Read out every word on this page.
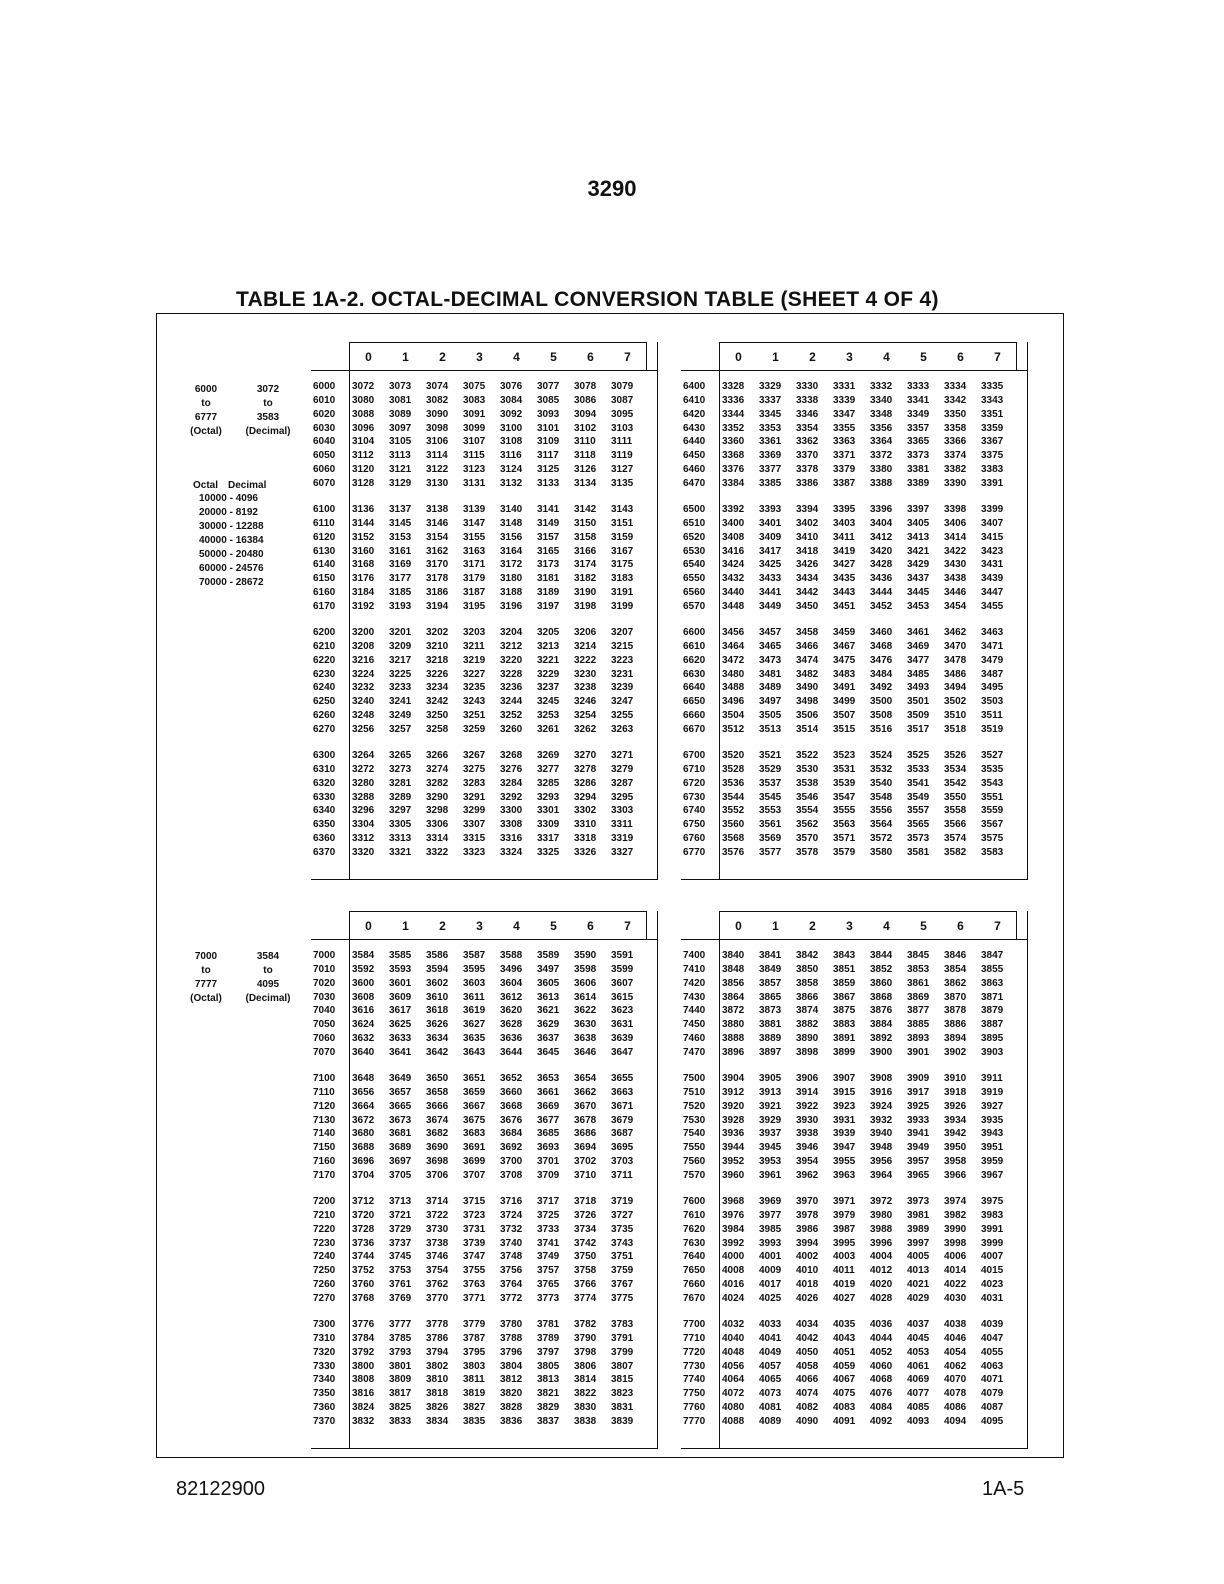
3290
TABLE 1A-2. OCTAL-DECIMAL CONVERSION TABLE (SHEET 4 OF 4)
6000	3072
to	to
6777	3583
(Octal)	(Decimal)
Octal Decimal
10000 - 4096
20000 - 8192
30000 - 12288
40000 - 16384
50000 - 20480
60000 - 24576
70000 - 28672
7000	3584
to	to
7777	4095
(Octal)	(Decimal)
0	1	2	3	4	5	6	7
6000	3072	3073	3074	3075	3076	3077	3078	3079
6010	3080	3081	3082	3083	3084	3085	3086	3087
6020	3088	3089	3090	3091	3092	3093	3094	3095
6030	3096	3097	3098	3099	3100	3101	3102	3103
6040	3104	3105	3106	3107	3108	3109	3110	3111
6050	3112	3113	3114	3115	3116	3117	3118	3119
6060	3120	3121	3122	3123	3124	3125	3126	3127
6070	3128	3129	3130	3131	3132	3133	3134	3135
6100	3136	3137	3138	3139	3140	3141	3142	3143
6110	3144	3145	3146	3147	3148	3149	3150	3151
6120	3152	3153	3154	3155	3156	3157	3158	3159
6130	3160	3161	3162	3163	3164	3165	3166	3167
6140	3168	3169	3170	3171	3172	3173	3174	3175
6150	3176	3177	3178	3179	3180	3181	3182	3183
6160	3184	3185	3186	3187	3188	3189	3190	3191
6170	3192	3193	3194	3195	3196	3197	3198	3199
6200	3200	3201	3202	3203	3204	3205	3206	3207
6210	3208	3209	3210	3211	3212	3213	3214	3215
6220	3216	3217	3218	3219	3220	3221	3222	3223
6230	3224	3225	3226	3227	3228	3229	3230	3231
6240	3232	3233	3234	3235	3236	3237	3238	3239
6250	3240	3241	3242	3243	3244	3245	3246	3247
6260	3248	3249	3250	3251	3252	3253	3254	3255
6270	3256	3257	3258	3259	3260	3261	3262	3263
6300	3264	3265	3266	3267	3268	3269	3270	3271
6310	3272	3273	3274	3275	3276	3277	3278	3279
6320	3280	3281	3282	3283	3284	3285	3286	3287
6330	3288	3289	3290	3291	3292	3293	3294	3295
6340	3296	3297	3298	3299	3300	3301	3302	3303
6350	3304	3305	3306	3307	3308	3309	3310	3311
6360	3312	3313	3314	3315	3316	3317	3318	3319
6370	3320	3321	3322	3323	3324	3325	3326	3327
0	1	2	3	4	5	6	7
6400	3328	3329	3330	3331	3332	3333	3334	3335
6410	3336	3337	3338	3339	3340	3341	3342	3343
6420	3344	3345	3346	3347	3348	3349	3350	3351
6430	3352	3353	3354	3355	3356	3357	3358	3359
6440	3360	3361	3362	3363	3364	3365	3366	3367
6450	3368	3369	3370	3371	3372	3373	3374	3375
6460	3376	3377	3378	3379	3380	3381	3382	3383
6470	3384	3385	3386	3387	3388	3389	3390	3391
6500	3392	3393	3394	3395	3396	3397	3398	3399
6510	3400	3401	3402	3403	3404	3405	3406	3407
6520	3408	3409	3410	3411	3412	3413	3414	3415
6530	3416	3417	3418	3419	3420	3421	3422	3423
6540	3424	3425	3426	3427	3428	3429	3430	3431
6550	3432	3433	3434	3435	3436	3437	3438	3439
6560	3440	3441	3442	3443	3444	3445	3446	3447
6570	3448	3449	3450	3451	3452	3453	3454	3455
6600	3456	3457	3458	3459	3460	3461	3462	3463
6610	3464	3465	3466	3467	3468	3469	3470	3471
6620	3472	3473	3474	3475	3476	3477	3478	3479
6630	3480	3481	3482	3483	3484	3485	3486	3487
6640	3488	3489	3490	3491	3492	3493	3494	3495
6650	3496	3497	3498	3499	3500	3501	3502	3503
6660	3504	3505	3506	3507	3508	3509	3510	3511
6670	3512	3513	3514	3515	3516	3517	3518	3519
6700	3520	3521	3522	3523	3524	3525	3526	3527
6710	3528	3529	3530	3531	3532	3533	3534	3535
6720	3536	3537	3538	3539	3540	3541	3542	3543
6730	3544	3545	3546	3547	3548	3549	3550	3551
6740	3552	3553	3554	3555	3556	3557	3558	3559
6750	3560	3561	3562	3563	3564	3565	3566	3567
6760	3568	3569	3570	3571	3572	3573	3574	3575
6770	3576	3577	3578	3579	3580	3581	3582	3583
0	1	2	3	4	5	6	7
7000	3584	3585	3586	3587	3588	3589	3590	3591
7010	3592	3593	3594	3595	3496	3497	3598	3599
7020	3600	3601	3602	3603	3604	3605	3606	3607
7030	3608	3609	3610	3611	3612	3613	3614	3615
7040	3616	3617	3618	3619	3620	3621	3622	3623
7050	3624	3625	3626	3627	3628	3629	3630	3631
7060	3632	3633	3634	3635	3636	3637	3638	3639
7070	3640	3641	3642	3643	3644	3645	3646	3647
7100	3648	3649	3650	3651	3652	3653	3654	3655
7110	3656	3657	3658	3659	3660	3661	3662	3663
7120	3664	3665	3666	3667	3668	3669	3670	3671
7130	3672	3673	3674	3675	3676	3677	3678	3679
7140	3680	3681	3682	3683	3684	3685	3686	3687
7150	3688	3689	3690	3691	3692	3693	3694	3695
7160	3696	3697	3698	3699	3700	3701	3702	3703
7170	3704	3705	3706	3707	3708	3709	3710	3711
7200	3712	3713	3714	3715	3716	3717	3718	3719
7210	3720	3721	3722	3723	3724	3725	3726	3727
7220	3728	3729	3730	3731	3732	3733	3734	3735
7230	3736	3737	3738	3739	3740	3741	3742	3743
7240	3744	3745	3746	3747	3748	3749	3750	3751
7250	3752	3753	3754	3755	3756	3757	3758	3759
7260	3760	3761	3762	3763	3764	3765	3766	3767
7270	3768	3769	3770	3771	3772	3773	3774	3775
7300	3776	3777	3778	3779	3780	3781	3782	3783
7310	3784	3785	3786	3787	3788	3789	3790	3791
7320	3792	3793	3794	3795	3796	3797	3798	3799
7330	3800	3801	3802	3803	3804	3805	3806	3807
7340	3808	3809	3810	3811	3812	3813	3814	3815
7350	3816	3817	3818	3819	3820	3821	3822	3823
7360	3824	3825	3826	3827	3828	3829	3830	3831
7370	3832	3833	3834	3835	3836	3837	3838	3839
0	1	2	3	4	5	6	7
7400	3840	3841	3842	3843	3844	3845	3846	3847
7410	3848	3849	3850	3851	3852	3853	3854	3855
7420	3856	3857	3858	3859	3860	3861	3862	3863
7430	3864	3865	3866	3867	3868	3869	3870	3871
7440	3872	3873	3874	3875	3876	3877	3878	3879
7450	3880	3881	3882	3883	3884	3885	3886	3887
7460	3888	3889	3890	3891	3892	3893	3894	3895
7470	3896	3897	3898	3899	3900	3901	3902	3903
7500	3904	3905	3906	3907	3908	3909	3910	3911
7510	3912	3913	3914	3915	3916	3917	3918	3919
7520	3920	3921	3922	3923	3924	3925	3926	3927
7530	3928	3929	3930	3931	3932	3933	3934	3935
7540	3936	3937	3938	3939	3940	3941	3942	3943
7550	3944	3945	3946	3947	3948	3949	3950	3951
7560	3952	3953	3954	3955	3956	3957	3958	3959
7570	3960	3961	3962	3963	3964	3965	3966	3967
7600	3968	3969	3970	3971	3972	3973	3974	3975
7610	3976	3977	3978	3979	3980	3981	3982	3983
7620	3984	3985	3986	3987	3988	3989	3990	3991
7630	3992	3993	3994	3995	3996	3997	3998	3999
7640	4000	4001	4002	4003	4004	4005	4006	4007
7650	4008	4009	4010	4011	4012	4013	4014	4015
7660	4016	4017	4018	4019	4020	4021	4022	4023
7670	4024	4025	4026	4027	4028	4029	4030	4031
7700	4032	4033	4034	4035	4036	4037	4038	4039
7710	4040	4041	4042	4043	4044	4045	4046	4047
7720	4048	4049	4050	4051	4052	4053	4054	4055
7730	4056	4057	4058	4059	4060	4061	4062	4063
7740	4064	4065	4066	4067	4068	4069	4070	4071
7750	4072	4073	4074	4075	4076	4077	4078	4079
7760	4080	4081	4082	4083	4084	4085	4086	4087
7770	4088	4089	4090	4091	4092	4093	4094	4095
82122900	1A-5
